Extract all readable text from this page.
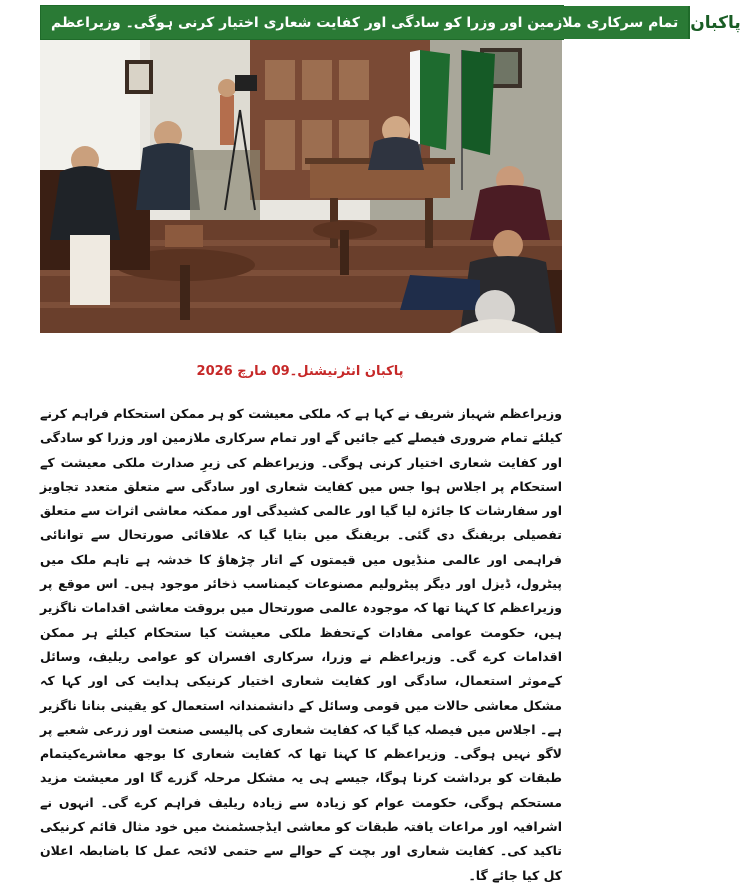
تمام سرکاری ملازمین اور وزرا کو سادگی اور کفایت شعاری اختیار کرنی ہوگی۔ وزیراعظم پاکبان
پاکبان انٹرنیشنل۔09 مارچ 2026
وزیراعظم شہباز شریف نے کہا ہے کہ ملکی معیشت کو ہر ممکن استحکام فراہم کرنے کیلئے تمام ضروری فیصلے کیے جائیں گے اور تمام سرکاری ملازمین اور وزرا کو سادگی اور کفایت شعاری اختیار کرنی ہوگی۔ وزیراعظم کی زیرِ صدارت ملکی معیشت کے استحکام پر اجلاس ہوا جس میں کفایت شعاری اور سادگی سے متعلق متعدد تجاویز اور سفارشات کا جائزہ لیا گیا اور عالمی کشیدگی اور ممکنہ معاشی اثرات سے متعلق تفصیلی بریفنگ دی گئی۔ بریفنگ میں بتایا گیا کہ علاقائی صورتحال سے توانائی فراہمی اور عالمی منڈیوں میں قیمتوں کے اتار چڑھاؤ کا خدشہ ہے تاہم ملک میں پیٹرول، ڈیزل اور دیگر پیٹرولیم مصنوعات کیمناسب ذخائر موجود ہیں۔ اس موقع پر وزیراعظم کا کہنا تھا کہ موجودہ عالمی صورتحال میں بروقت معاشی اقدامات ناگزیر ہیں، حکومت عوامی مفادات کےتحفظ ملکی معیشت کیا ستحکام کیلئے ہر ممکن اقدامات کرے گی۔ وزیراعظم نے وزرا، سرکاری افسران کو عوامی ریلیف، وسائل کےموثر استعمال، سادگی اور کفایت شعاری اختیار کرنیکی ہدایت کی اور کہا کہ مشکل معاشی حالات میں قومی وسائل کے دانشمندانہ استعمال کو یقینی بنانا ناگزیر ہے۔ اجلاس میں فیصلہ کیا گیا کہ کفایت شعاری کی پالیسی صنعت اور زرعی شعبے پر لاگو نہیں ہوگی۔ وزیراعظم کا کہنا تھا کہ کفایت شعاری کا بوجھ معاشرےکیتمام طبقات کو برداشت کرنا ہوگا، جیسے ہی یہ مشکل مرحلہ گزرے گا اور معیشت مزید مستحکم ہوگی، حکومت عوام کو زیادہ سے زیادہ ریلیف فراہم کرے گی۔ انہوں نے اشرافیہ اور مراعات یافتہ طبقات کو معاشی ایڈجسٹمنٹ میں خود مثال قائم کرنیکی تاکید کی۔ کفایت شعاری اور بچت کے حوالے سے حتمی لائحہ عمل کا باضابطہ اعلان کل کیا جائے گا۔
